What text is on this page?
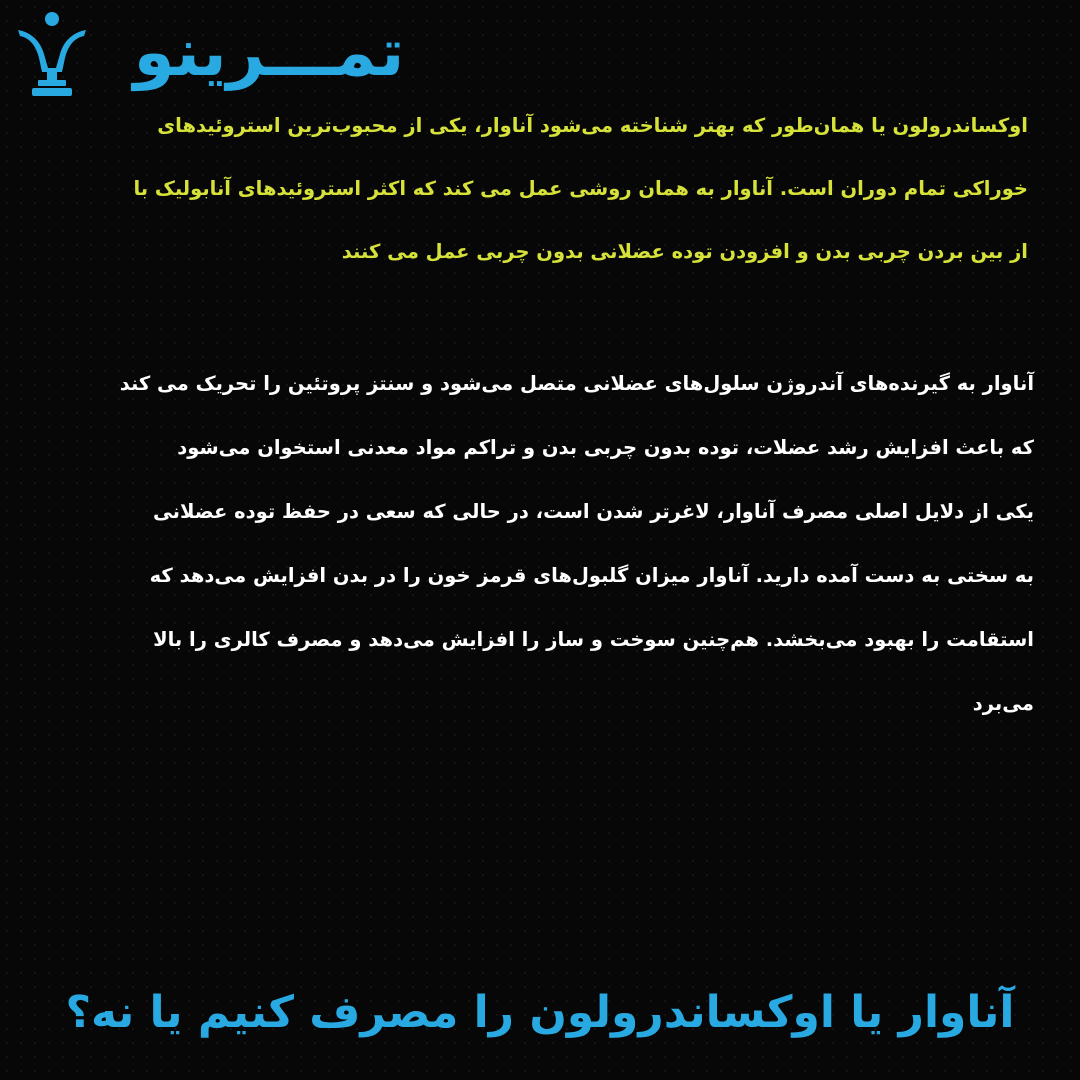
تمـــرینو
اوکساندرولون یا همان‌طور که بهتر شناخته می‌شود آناوار، یکی از محبوب‌ترین استروئیدهای
خوراکی تمام دوران است. آناوار به همان روشی عمل می کند که اکثر استروئیدهای آنابولیک با
از بین بردن چربی بدن و افزودن توده عضلانی بدون چربی عمل می کنند
آناوار به گیرنده‌های آندروژن سلول‌های عضلانی متصل می‌شود و سنتز پروتئین را تحریک می کند
که باعث افزایش رشد عضلات، توده بدون چربی بدن و تراکم مواد معدنی استخوان می‌شود
یکی از دلایل اصلی مصرف آناوار، لاغرتر شدن است، در حالی که سعی در حفظ توده عضلانی
به سختی به دست آمده دارید. آناوار میزان گلبول‌های قرمز خون را در بدن افزایش می‌دهد که
استقامت را بهبود می‌بخشد. هم‌چنین سوخت و ساز را افزایش می‌دهد و مصرف کالری را بالا
می‌برد
آناوار یا اوکساندرولون را مصرف کنیم یا نه؟
